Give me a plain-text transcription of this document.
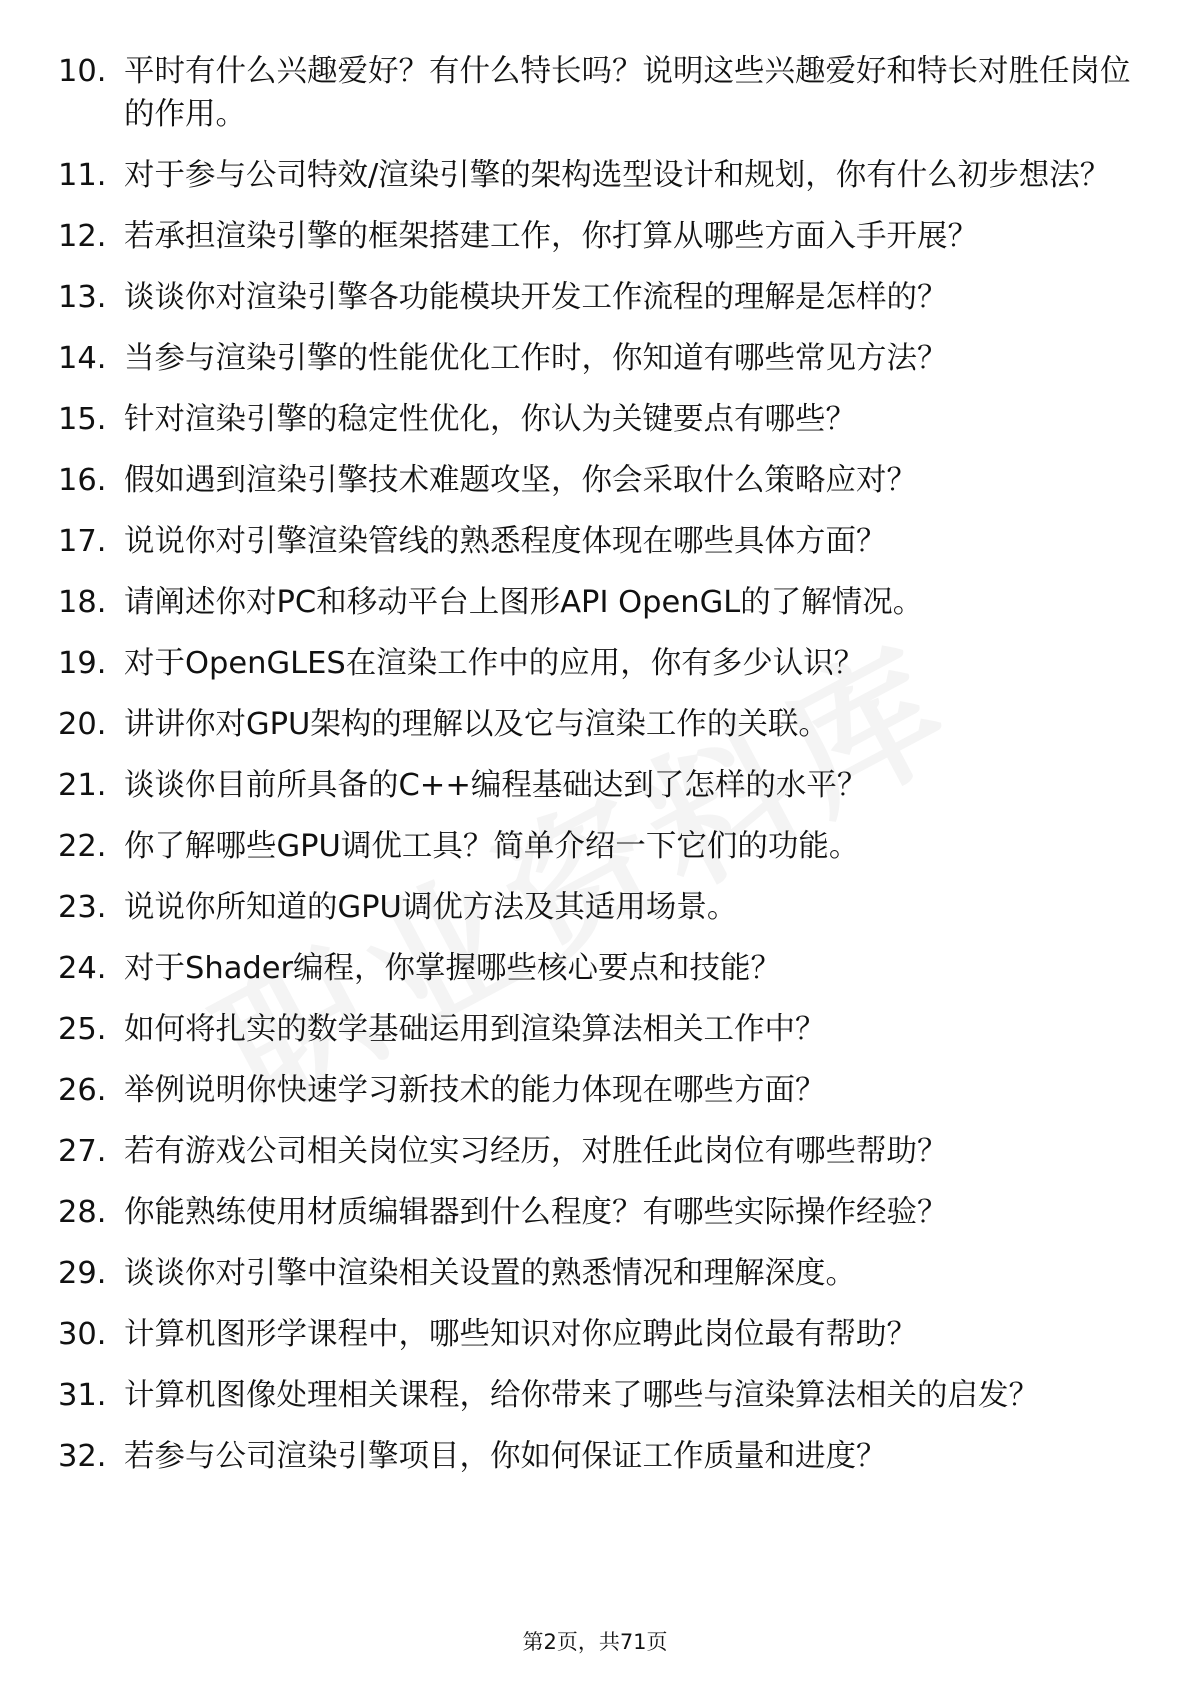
10. 平时有什么兴趣爱好？有什么特长吗？说明这些兴趣爱好和特长对胜任岗位的作用。
11. 对于参与公司特效/渲染引擎的架构选型设计和规划，你有什么初步想法？
12. 若承担渲染引擎的框架搭建工作，你打算从哪些方面入手开展？
13. 谈谈你对渲染引擎各功能模块开发工作流程的理解是怎样的？
14. 当参与渲染引擎的性能优化工作时，你知道有哪些常见方法？
15. 针对渲染引擎的稳定性优化，你认为关键要点有哪些？
16. 假如遇到渲染引擎技术难题攻坚，你会采取什么策略应对？
17. 说说你对引擎渲染管线的熟悉程度体现在哪些具体方面？
18. 请阐述你对PC和移动平台上图形API OpenGL的了解情况。
19. 对于OpenGLES在渲染工作中的应用，你有多少认识？
20. 讲讲你对GPU架构的理解以及它与渲染工作的关联。
21. 谈谈你目前所具备的C++编程基础达到了怎样的水平？
22. 你了解哪些GPU调优工具？简单介绍一下它们的功能。
23. 说说你所知道的GPU调优方法及其适用场景。
24. 对于Shader编程，你掌握哪些核心要点和技能？
25. 如何将扎实的数学基础运用到渲染算法相关工作中？
26. 举例说明你快速学习新技术的能力体现在哪些方面？
27. 若有游戏公司相关岗位实习经历，对胜任此岗位有哪些帮助？
28. 你能熟练使用材质编辑器到什么程度？有哪些实际操作经验？
29. 谈谈你对引擎中渲染相关设置的熟悉情况和理解深度。
30. 计算机图形学课程中，哪些知识对你应聘此岗位最有帮助？
31. 计算机图像处理相关课程，给你带来了哪些与渲染算法相关的启发？
32. 若参与公司渲染引擎项目，你如何保证工作质量和进度？
第2页，共71页
